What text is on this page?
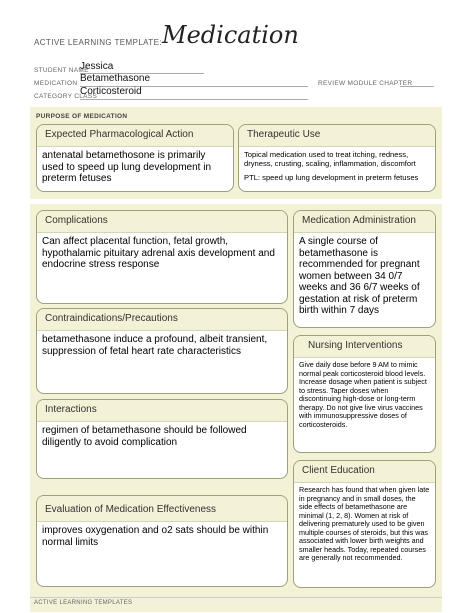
ACTIVE LEARNING TEMPLATE: Medication
STUDENT NAME
Jessica
MEDICATION Betamethasone	REVIEW MODULE CHAPTER
CATEGORY CLASS
Corticosteroid
PURPOSE OF MEDICATION
Expected Pharmacological Action
antenatal betamethosone is primarily used to speed up lung development in preterm fetuses
Therapeutic Use
Topical medication used to treat itching, redness, dryness, crusting, scaling, inflammation, discomfort
PTL: speed up lung development in preterm fetuses
Complications
Can affect placental function, fetal growth, hypothalamic pituitary adrenal axis development and endocrine stress response
Medication Administration
A single course of betamethasone is recommended for pregnant women between 34 0/7 weeks and 36 6/7 weeks of gestation at risk of preterm birth within 7 days
Contraindications/Precautions
betamethasone induce a profound, albeit transient, suppression of fetal heart rate characteristics	Nursing Interventions
Give daily dose before 9 AM to mimic normal peak corticosteroid blood levels. Increase dosage when patient is subject to stress. Taper doses when discontinuing high-dose or long-term therapy. Do not give live virus vaccines with immunosuppressive doses of corticosteroids.
Interactions
regimen of betamethasone should be followed diligently to avoid complication
Client Education
Research has found that when given late in pregnancy and in small doses, the side effects of betamethasone are minimal (1, 2, 8). Women at risk of delivering prematurely used to be given multiple courses of steroids, but this was associated with lower birth weights and smaller heads. Today, repeated courses are generally not recommended.
Evaluation of Medication Effectiveness
improves oxygenation and o2 sats should be within normal limits
ACTIVE LEARNING TEMPLATES
